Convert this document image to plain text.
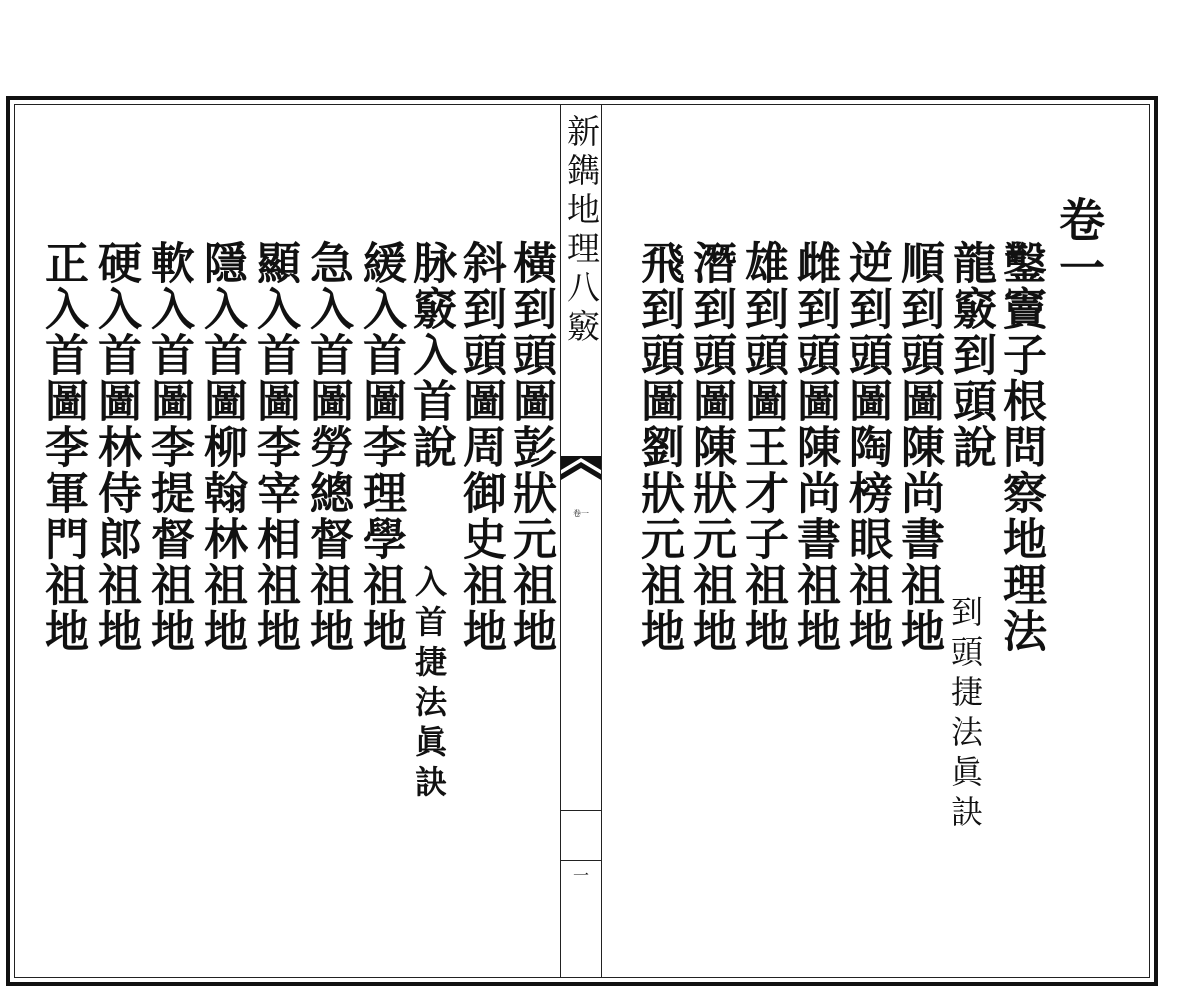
新鐫地理八竅
卷一
一
卷一
鑿竇子根問察地理法
龍竅到頭說
到頭捷法眞訣
順到頭圖陳尚書祖地
逆到頭圖陶榜眼祖地
雌到頭圖陳尚書祖地
雄到頭圖王才子祖地
潛到頭圖陳狀元祖地
飛到頭圖劉狀元祖地
橫到頭圖彭狀元祖地
斜到頭圖周御史祖地
脉竅入首說
入首捷法眞訣
緩入首圖李理學祖地
急入首圖勞總督祖地
顯入首圖李宰相祖地
隱入首圖柳翰林祖地
軟入首圖李提督祖地
硬入首圖林侍郎祖地
正入首圖李軍門祖地
